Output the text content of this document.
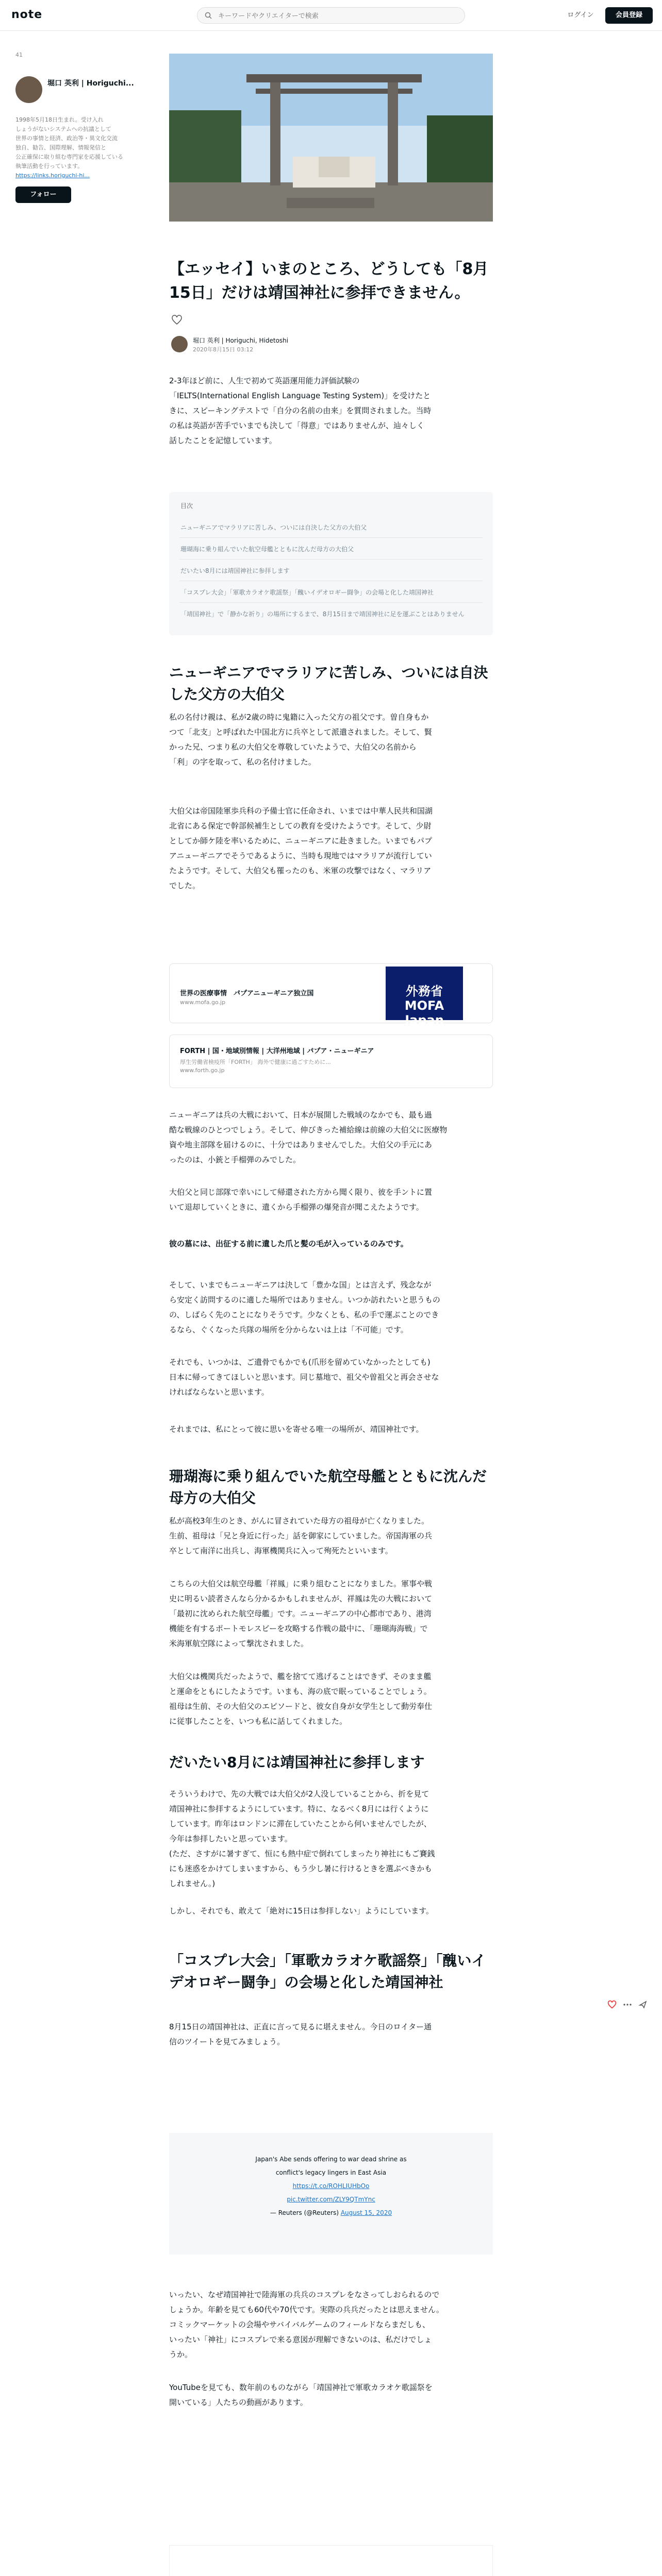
note
キーワードやクリエイターで検索	ログイン	会員登録
41
堀口 英利 | Horiguchi...
1998年5月18日生まれ。受け入れ
しょうがないシステムへの抗議として
世界の事情と経済、政治等・異文化交流
独自、勧告、国際理解、情報発信と
公正確保に取り組む専門家を応援している
執筆活動を行っています。
https://links.horiguchi-hi...
フォロー
【エッセイ】いまのところ、どうしても「8月15日」だけは靖国神社に参拝できません。
堀口 英利 | Horiguchi, Hidetoshi
2020年8月15日 03:12
2-3年ほど前に、人生で初めて英語運用能力評価試験の
「IELTS(International English Language Testing System)」を受けたと
きに、スピーキングテストで「自分の名前の由来」を質問されました。当時
の私は英語が苦手でいまでも決して「得意」ではありませんが、辿々しく
話したことを記憶しています。
目次
ニューギニアでマラリアに苦しみ、ついには自決した父方の大伯父
珊瑚海に乗り組んでいた航空母艦とともに沈んだ母方の大伯父
だいたい8月には靖国神社に参拝します
「コスプレ大会」「軍歌カラオケ歌謡祭」「醜いイデオロギー闘争」の会場と化した靖国神社
「靖国神社」で「静かな祈り」の場所にするまで、8月15日まで靖国神社に足を運ぶことはありません
ニューギニアでマラリアに苦しみ、ついには自決した父方の大伯父
私の名付け親は、私が2歳の時に鬼籍に入った父方の祖父です。曽自身もか
つて「北支」と呼ばれた中国北方に兵卒として派遣されました。そして、賢
かった兄、つまり私の大伯父を尊敬していたようで、大伯父の名前から
「利」の字を取って、私の名付けました。
大伯父は帝国陸軍歩兵科の予備士官に任命され、いまでは中華人民共和国湖
北省にある保定で幹部候補生としての教育を受けたようです。そして、少尉
としてか師ケ陸を率いるために、ニューギニアに赴きました。いまでもパプ
アニューギニアでそうであるように、当時も現地ではマラリアが流行してい
たようです。そして、大伯父も罹ったのも、米軍の攻撃ではなく、マラリア
でした。
世界の医療事情　パプアニューギニア独立国
www.mofa.go.jp
外務省
MOFA Japan
FORTH | 国・地域別情報 | 大洋州地域 | パプア・ニューギニア
厚生労働省検疫所「FORTH」 海外で健康に過ごすために...
www.forth.go.jp
ニューギニアは兵の大戦において、日本が展開した戦域のなかでも、最も過
酷な戦線のひとつでしょう。そして、伸びきった補給線は前線の大伯父に医療物
資や地主部隊を届けるのに、十分ではありませんでした。大伯父の手元にあ
ったのは、小銃と手榴弾のみでした。
大伯父と同じ部隊で幸いにして帰還された方から聞く限り、彼を手ントに置
いて退却していくときに、遺くから手榴弾の爆発音が聞こえたようです。
彼の墓には、出征する前に遺した爪と髪の毛が入っているのみです。
そして、いまでもニューギニアは決して「豊かな国」とは言えず、残念なが
ら安定く訪問するのに適した場所ではありません。いつか訪れたいと思うもの
の、しばらく先のことになりそうです。少なくとも、私の手で運ぶことのでき
るなら、ぐくなった兵隊の場所を分からないは上は「不可能」です。
それでも、いつかは、ご遺骨でもかでも(爪形を留めていなかったとしても)
日本に帰ってきてほしいと思います。同じ墓地で、祖父や曽祖父と再会させな
ければならないと思います。
それまでは、私にとって彼に思いを寄せる唯一の場所が、靖国神社です。
珊瑚海に乗り組んでいた航空母艦とともに沈んだ母方の大伯父
私が高校3年生のとき、がんに冒されていた母方の祖母が亡くなりました。
生前、祖母は「兄と身近に行った」話を御家にしていました。帝国海軍の兵
卒として南洋に出兵し、海軍機関兵に入って殉死たといいます。
こちらの大伯父は航空母艦「祥鳳」に乗り組むことになりました。軍事や戦
史に明るい読者さんなら分かるかもしれませんが、祥鳳は先の大戦において
「最初に沈められた航空母艦」です。ニューギニアの中心都市であり、港湾
機能を有するポートモレスビーを攻略する作戦の最中に、「珊瑚海海戦」で
米海軍航空隊によって撃沈されました。
大伯父は機関兵だったようで、艦を捨てて逃げることはできず、そのまま艦
と運命をともにしたようです。いまも、海の底で眠っていることでしょう。
祖母は生前、その大伯父のエピソードと、彼女自身が女学生として動労奉仕
に従事したことを、いつも私に話してくれました。
だいたい8月には靖国神社に参拝します
そういうわけで、先の大戦では大伯父が2人没していることから、折を見て
靖国神社に参拝するようにしています。特に、なるべく8月には行くように
しています。昨年はロンドンに滞在していたことから何いませんでしたが、
今年は参拝したいと思っています。
(ただ、さすがに暑すぎて、恒にも熱中症で倒れてしまったり神社にもご賽銭
にも迷惑をかけてしまいますから、もう少し暑に行けるときを選ぶべきかも
しれません。)
しかし、それでも、敢えて「絶対に15日は参拝しない」ようにしています。
「コスプレ大会」「軍歌カラオケ歌謡祭」「醜いイデオロギー闘争」の会場と化した靖国神社
8月15日の靖国神社は、正直に言って見るに堪えません。今日のロイター通
信のツイートを見てみましょう。
Japan's Abe sends offering to war dead shrine as
conflict's legacy lingers in East Asia
https://t.co/ROHLIUHbOo
pic.twitter.com/ZLY9QTmYnc
— Reuters (@Reuters) August 15, 2020
いったい、なぜ靖国神社で陸海軍の兵兵のコスプレをなさってしおられるので
しょうか。年齢を見ても60代や70代です。実際の兵兵だったとは思えません。
コミックマーケットの会場やサバイバルゲームのフィールドならまだしも、
いったい「神社」にコスプレで来る意図が理解できないのは、私だけでしょ
うか。
YouTubeを見ても、数年前のものながら「靖国神社で軍歌カラオケ歌謡祭を
開いている」人たちの動画があります。
